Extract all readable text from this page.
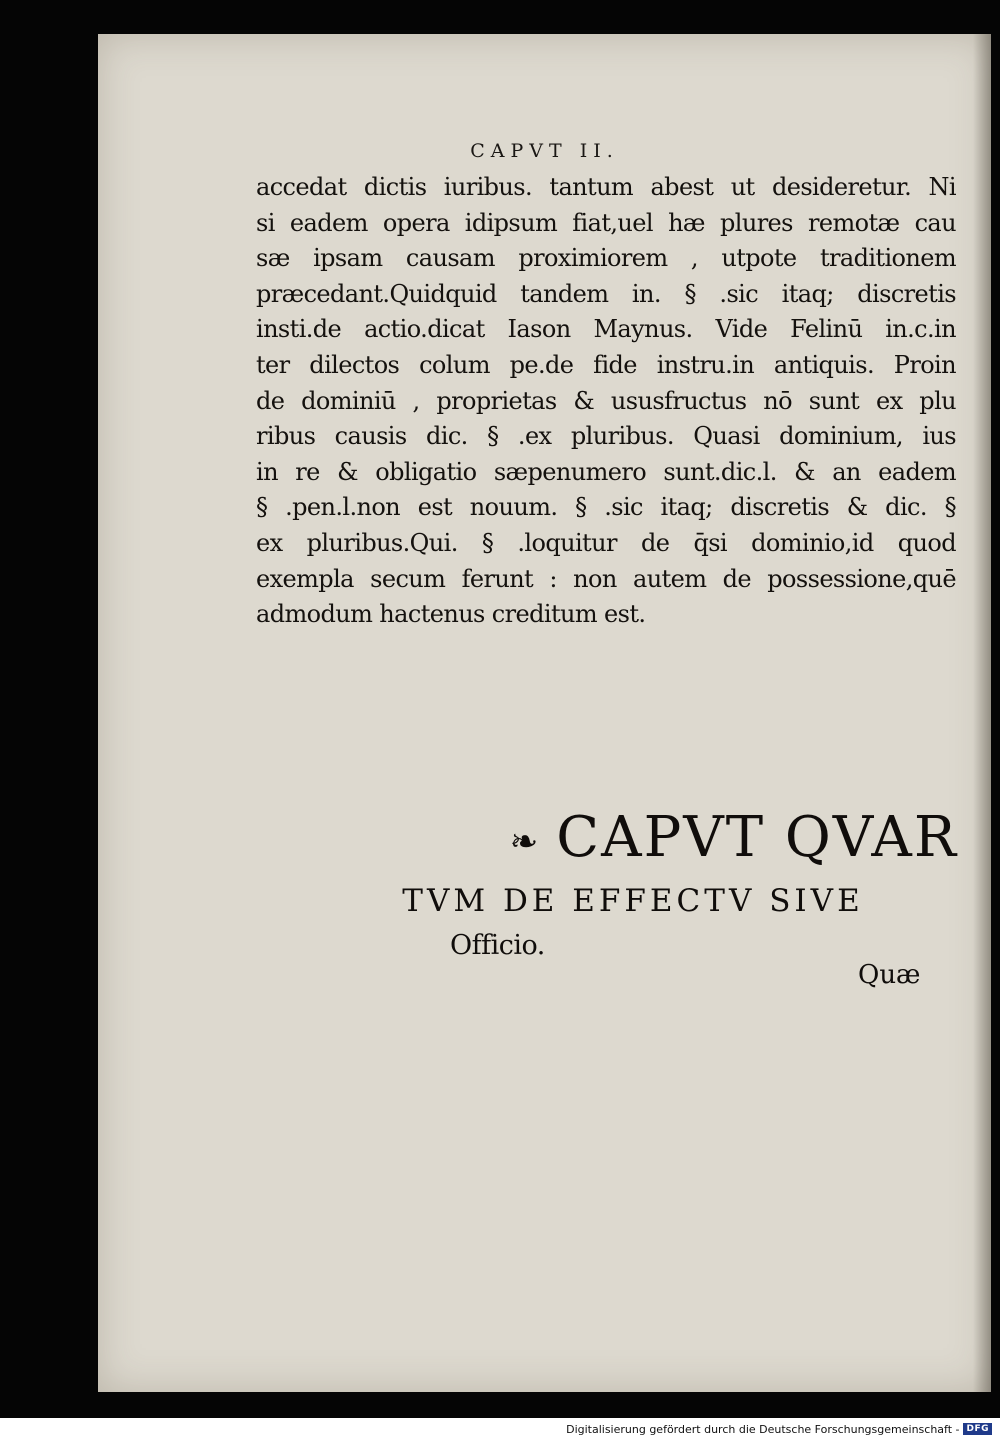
CAPVT II.
accedat dictis iuribus. tantum abest ut desideretur. Ni
si eadem opera idipsum fiat,uel hæ plures remotæ cau
sæ ipsam causam proximiorem , utpote traditionem
præcedant.Quidquid tandem in. § .sic itaq; discretis
insti.de actio.dicat Iason Maynus. Vide Felinū in.c.in
ter dilectos colum pe.de fide instru.in antiquis. Proin
de dominiū , proprietas & ususfructus nō sunt ex plu
ribus causis dic. § .ex pluribus. Quasi dominium, ius
in re & obligatio sæpenumero sunt.dic.l. & an eadem
§ .pen.l.non est nouum. § .sic itaq; discretis & dic. §
ex pluribus.Qui. § .loquitur de q̄si dominio,id quod
exempla secum ferunt : non autem de possessione,quē
admodum hactenus creditum est.
❧ CAPVT QVAR
TVM DE EFFECTV SIVE
Officio.
Quæ
Digitalisierung gefördert durch die Deutsche Forschungsgemeinschaft - DFG
